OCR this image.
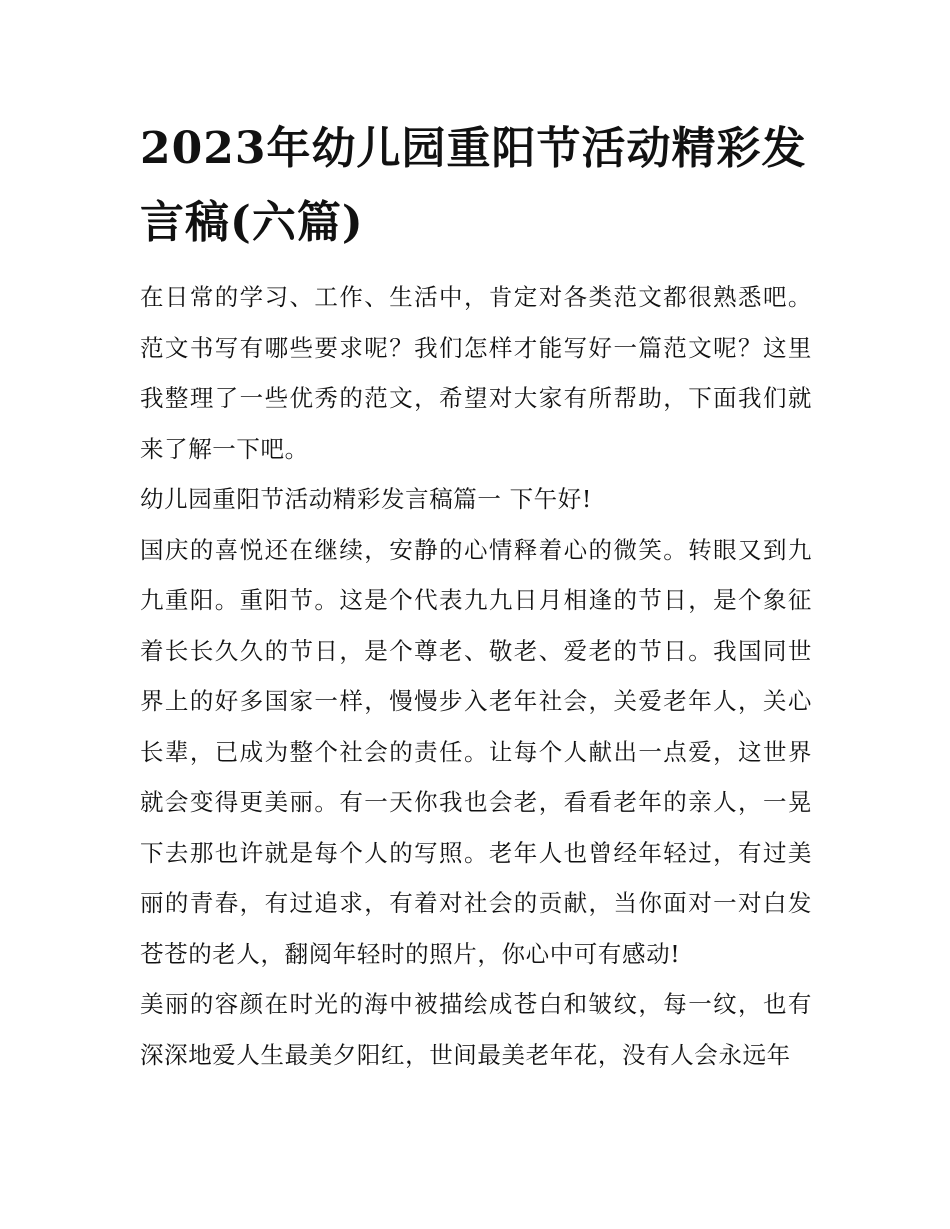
2023年幼儿园重阳节活动精彩发言稿(六篇)

在日常的学习、工作、生活中，肯定对各类范文都很熟悉吧。范文书写有哪些要求呢？我们怎样才能写好一篇范文呢？这里我整理了一些优秀的范文，希望对大家有所帮助，下面我们就来了解一下吧。

幼儿园重阳节活动精彩发言稿篇一 下午好!

国庆的喜悦还在继续，安静的心情释着心的微笑。转眼又到九九重阳。重阳节。这是个代表九九日月相逢的节日，是个象征着长长久久的节日，是个尊老、敬老、爱老的节日。我国同世界上的好多国家一样，慢慢步入老年社会，关爱老年人，关心长辈，已成为整个社会的责任。让每个人献出一点爱，这世界就会变得更美丽。有一天你我也会老，看看老年的亲人，一晃下去那也许就是每个人的写照。老年人也曾经年轻过，有过美丽的青春，有过追求，有着对社会的贡献，当你面对一对白发苍苍的老人，翻阅年轻时的照片，你心中可有感动!

美丽的容颜在时光的海中被描绘成苍白和皱纹，每一纹，也有深深地爱人生最美夕阳红，世间最美老年花，没有人会永远年
